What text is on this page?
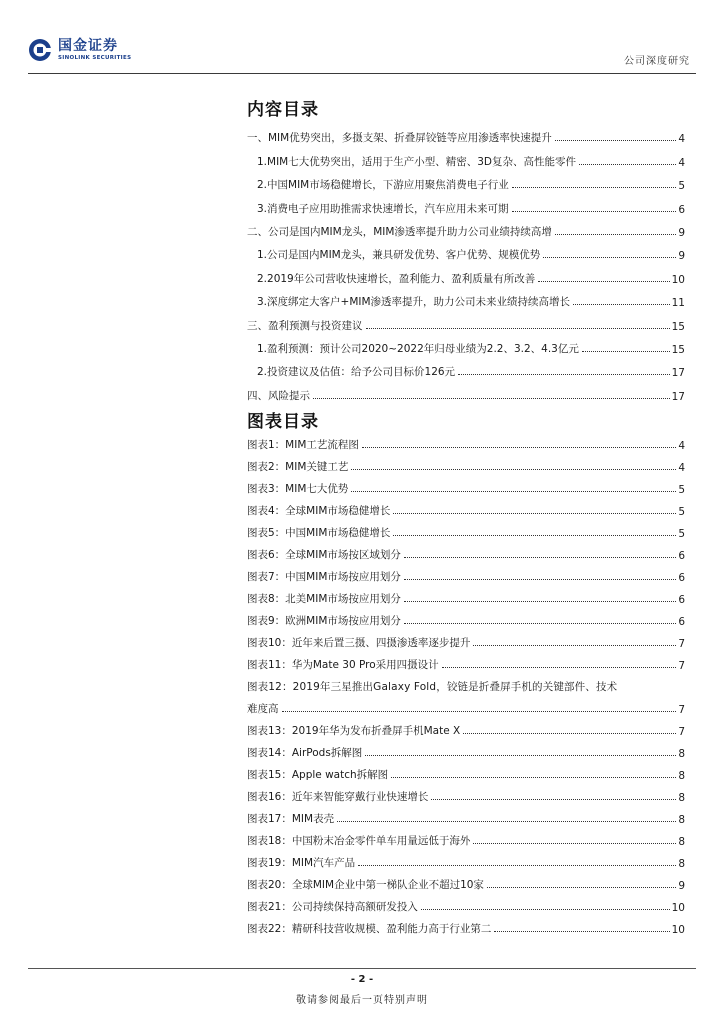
国金证券
SINOLINK SECURITIES	公司深度研究
内容目录
一、MIM优势突出，多摄支架、折叠屏铰链等应用渗透率快速提升	4
1.MIM七大优势突出，适用于生产小型、精密、3D复杂、高性能零件	4
2.中国MIM市场稳健增长，下游应用聚焦消费电子行业	5
3.消费电子应用助推需求快速增长，汽车应用未来可期	6
二、公司是国内MIM龙头，MIM渗透率提升助力公司业绩持续高增	9
1.公司是国内MIM龙头，兼具研发优势、客户优势、规模优势	9
2.2019年公司营收快速增长，盈利能力、盈利质量有所改善	10
3.深度绑定大客户+MIM渗透率提升，助力公司未来业绩持续高增长	11
三、盈利预测与投资建议	15
1.盈利预测：预计公司2020~2022年归母业绩为2.2、3.2、4.3亿元	15
2.投资建议及估值：给予公司目标价126元	17
四、风险提示	17
图表目录
图表1：MIM工艺流程图	4
图表2：MIM关键工艺	4
图表3：MIM七大优势	5
图表4：全球MIM市场稳健增长	5
图表5：中国MIM市场稳健增长	5
图表6：全球MIM市场按区域划分	6
图表7：中国MIM市场按应用划分	6
图表8：北美MIM市场按应用划分	6
图表9：欧洲MIM市场按应用划分	6
图表10：近年来后置三摄、四摄渗透率逐步提升	7
图表11：华为Mate 30 Pro采用四摄设计	7
图表12：2019年三星推出Galaxy Fold，铰链是折叠屏手机的关键部件、技术
难度高	7
图表13：2019年华为发布折叠屏手机Mate X	7
图表14：AirPods拆解图	8
图表15：Apple watch拆解图	8
图表16：近年来智能穿戴行业快速增长	8
图表17：MIM表壳	8
图表18：中国粉末冶金零件单车用量远低于海外	8
图表19：MIM汽车产品	8
图表20：全球MIM企业中第一梯队企业不超过10家	9
图表21：公司持续保持高额研发投入	10
图表22：精研科技营收规模、盈利能力高于行业第二	10
- 2 -
敬请参阅最后一页特别声明
